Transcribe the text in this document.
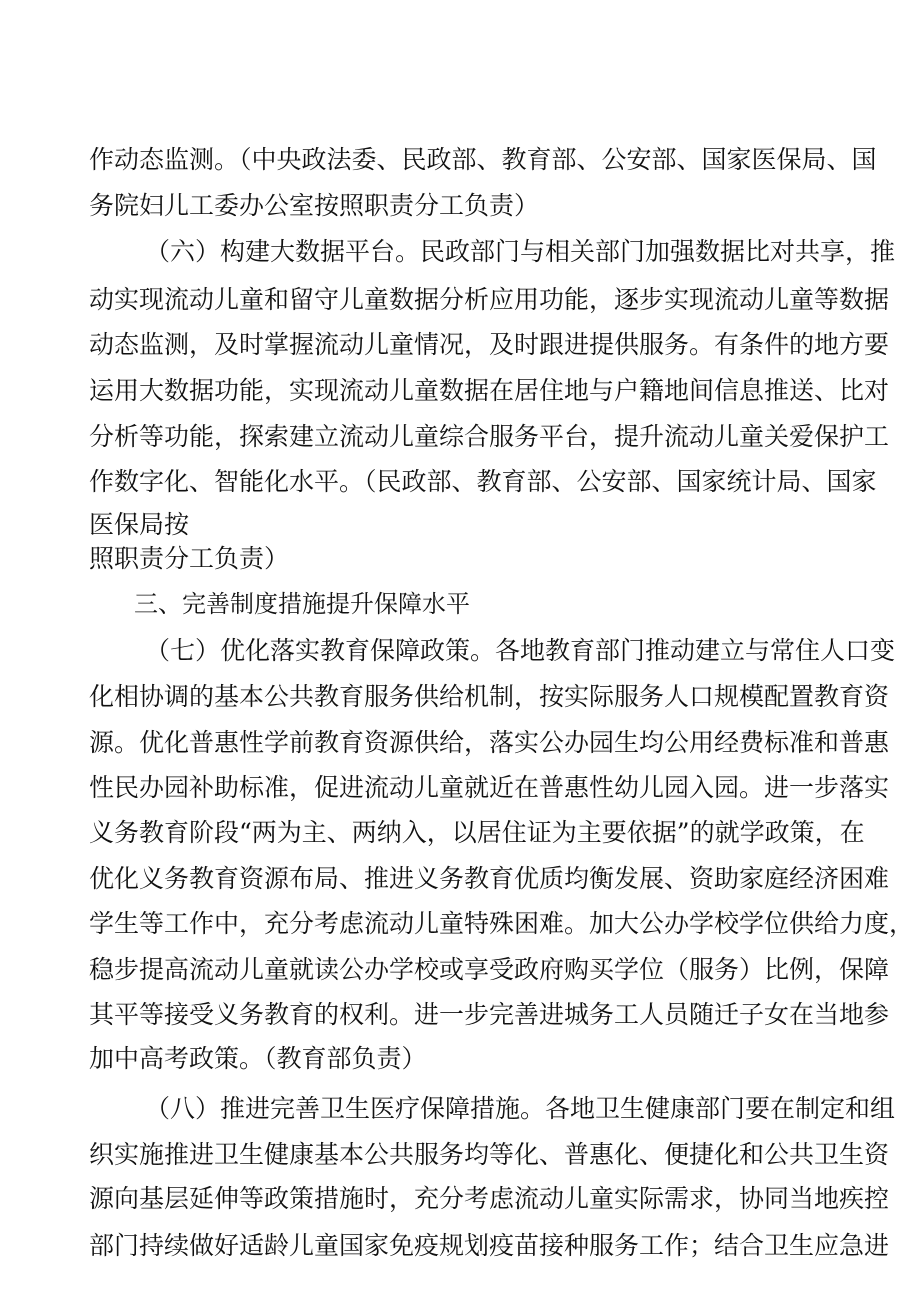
作动态监测。（中央政法委、民政部、教育部、公安部、国家医保局、国
务院妇儿工委办公室按照职责分工负责）
（六）构建大数据平台。民政部门与相关部门加强数据比对共享，推
动实现流动儿童和留守儿童数据分析应用功能，逐步实现流动儿童等数据
动态监测，及时掌握流动儿童情况，及时跟进提供服务。有条件的地方要
运用大数据功能，实现流动儿童数据在居住地与户籍地间信息推送、比对
分析等功能，探索建立流动儿童综合服务平台，提升流动儿童关爱保护工
作数字化、智能化水平。（民政部、教育部、公安部、国家统计局、国家
医保局按
照职责分工负责）
三、完善制度措施提升保障水平
（七）优化落实教育保障政策。各地教育部门推动建立与常住人口变
化相协调的基本公共教育服务供给机制，按实际服务人口规模配置教育资
源。优化普惠性学前教育资源供给，落实公办园生均公用经费标准和普惠
性民办园补助标准，促进流动儿童就近在普惠性幼儿园入园。进一步落实
义务教育阶段“两为主、两纳入，以居住证为主要依据”的就学政策，在
优化义务教育资源布局、推进义务教育优质均衡发展、资助家庭经济困难
学生等工作中，充分考虑流动儿童特殊困难。加大公办学校学位供给力度，
稳步提高流动儿童就读公办学校或享受政府购买学位（服务）比例，保障
其平等接受义务教育的权利。进一步完善进城务工人员随迁子女在当地参
加中高考政策。（教育部负责）
（八）推进完善卫生医疗保障措施。各地卫生健康部门要在制定和组
织实施推进卫生健康基本公共服务均等化、普惠化、便捷化和公共卫生资
源向基层延伸等政策措施时，充分考虑流动儿童实际需求，协同当地疾控
部门持续做好适龄儿童国家免疫规划疫苗接种服务工作；结合卫生应急进
